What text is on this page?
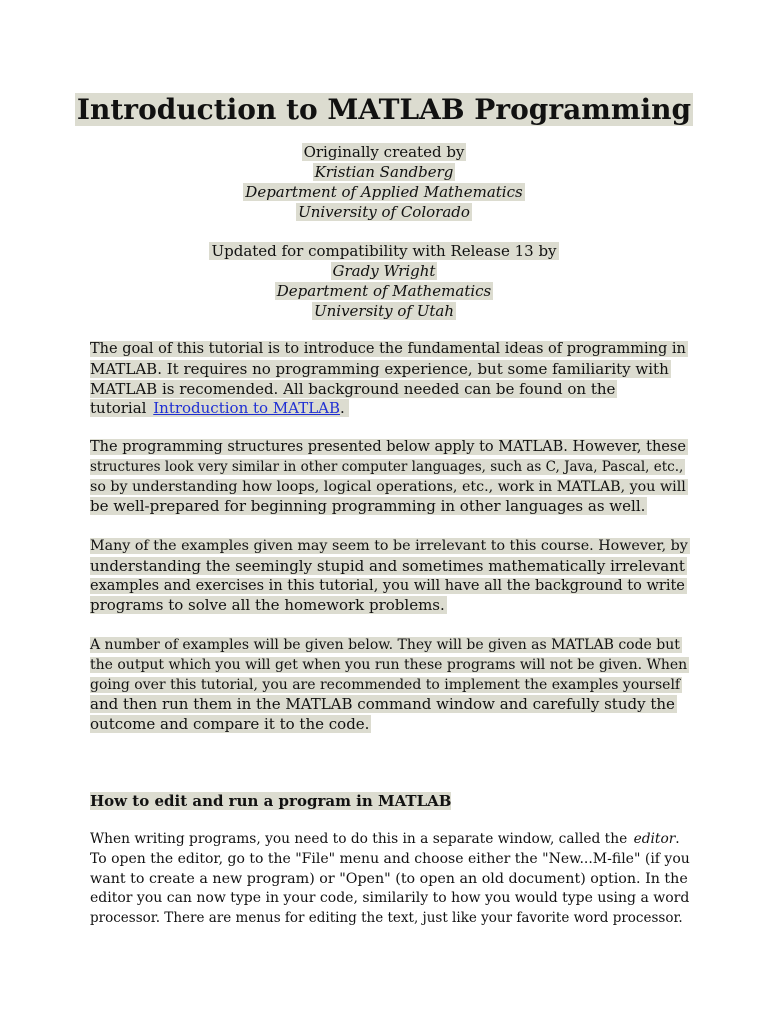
Introduction to MATLAB Programming
Originally created by
Kristian Sandberg
Department of Applied Mathematics
University of Colorado
Updated for compatibility with Release 13 by
Grady Wright
Department of Mathematics
University of Utah

The goal of this tutorial is to introduce the fundamental ideas of programming in
MATLAB. It requires no programming experience, but some familiarity with
MATLAB is recomended. All background needed can be found on the
tutorial Introduction to MATLAB.

The programming structures presented below apply to MATLAB. However, these
structures look very similar in other computer languages, such as C, Java, Pascal, etc.,
so by understanding how loops, logical operations, etc., work in MATLAB, you will
be well-prepared for beginning programming in other languages as well.

Many of the examples given may seem to be irrelevant to this course. However, by
understanding the seemingly stupid and sometimes mathematically irrelevant
examples and exercises in this tutorial, you will have all the background to write
programs to solve all the homework problems.

A number of examples will be given below. They will be given as MATLAB code but
the output which you will get when you run these programs will not be given. When
going over this tutorial, you are recommended to implement the examples yourself
and then run them in the MATLAB command window and carefully study the
outcome and compare it to the code.

How to edit and run a program in MATLAB

When writing programs, you need to do this in a separate window, called the editor.
To open the editor, go to the "File" menu and choose either the "New...M-file" (if you
want to create a new program) or "Open" (to open an old document) option. In the
editor you can now type in your code, similarily to how you would type using a word
processor. There are menus for editing the text, just like your favorite word processor.
